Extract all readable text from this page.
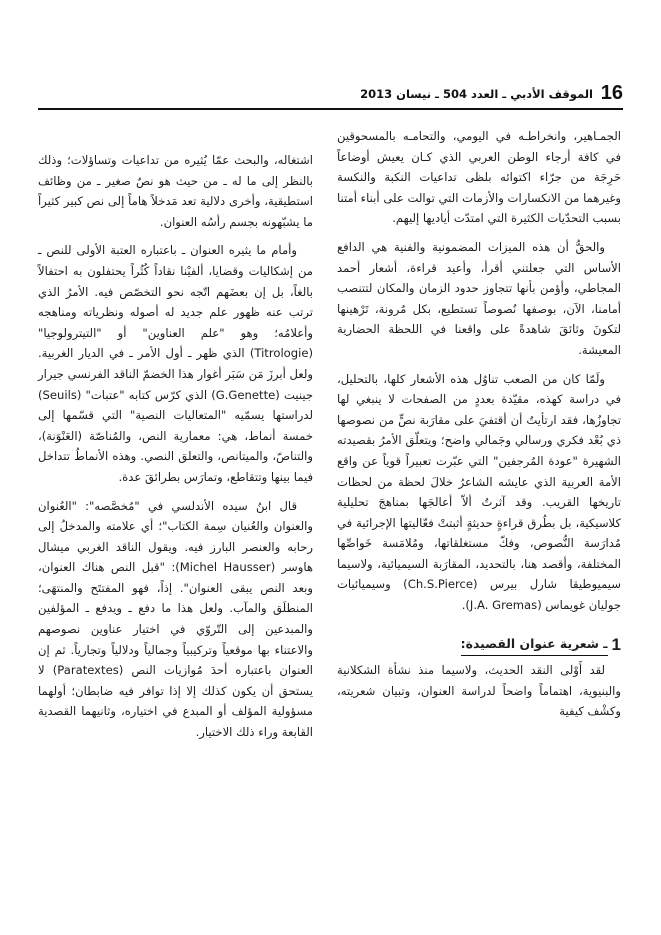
16
الموقف الأدبي ـ العدد 504 ـ نيسان 2013

الجمـاهير، وانخراطـه في اليومي، والتحامـه بالمسحوقين في كافة أرجاء الوطن العربي الذي كـان يعيش أوضاعاً حَرِجَة من جرّاء اكتوائه بلظى تداعيات النكبة والنكسة وغيرهما من الانكسارات والأزمات التي توالت على أبناء أمتنا بسبب التحدّيات الكثيرة التي امتدّت أياديها إليهم.

والحقُّ أن هذه الميزات المضمونية والفنية هي الدافع الأساس التي جعلتني أقرأ، وأعيد قراءة، أشعار أحمد المجاطي، وأؤمن بأنها تتجاوز حدود الزمان والمكان لتتنصب أمامنا، الآن، بوصفها نُصوصاً تستطيع، بكل مُرونة، تَرْهينها لتكونَ وثائقَ شاهدةً على واقعنا في اللحظة الحضارية المعيشة.

ولَمّا كان من الصعب تناوُل هذه الأشعار كلها، بالتحليل، في دراسة كهذه، مقيّدة بعددٍ من الصفحات لا ينبغي لها تجاوزُها، فقد ارتأيتُ أن أقتفيَ على مقارَبة نصٍّ من نصوصها ذي بُعْد فكري ورسالي وجَمالي واضح؛ ويتعلّق الأمرُ بقصيدته الشهيرة "عودة المُرجفين" التي عبّرت تعبيراً قوياً عن واقع الأمة العربية الذي عايشه الشاعرُ خلالَ لحظة من لحظات تاريخها القريب. وقد آثرتُ ألاّ أعالجَها بمناهجَ تحليلية كلاسيكية، بل بطُرق قراءةٍ حديثةٍ أثبتتْ فعّاليتها الإجرائية في مُدارَسة النُّصوص، وفكّ مستغلقاتها، ومُلامَسة خَواصِّها المختلفة، وأقصد هنا، بالتحديد، المقارَبة السيميائية، ولاسيما سيميوطيقا شارل بيرس (Ch.S.Pierce) وسيميائيات جوليان غويماس (J.A. Gremas).

1
ـ شعرية عنوان القصيدة:

لقد أَوْلى النقد الحديث، ولاسيما منذ نشأة الشكلانية والبنيوية، اهتماماً واضحاً لدراسة العنوان، وتبيان شعريته، وكشْف كيفية

اشتغاله، والبحث عمّا يُثيره من تداعيات وتساؤلات؛ وذلك بالنظر إلى ما له ـ من حيث هو نصٌ صغير ـ من وظائف استطيقية، وأخرى دلالية تعد مَدخلاً هاماً إلى نص كبير كثيراً ما يشبّهونه بجسم رأسُه العنوان.

وأمام ما يثيره العنوان ـ باعتباره العتبة الأولى للنص ـ من إشكاليات وقضايا، ألفيْنا نقاداً كُثُراً يحتفلون به احتفالاً بالغاً، بل إن بعضَهم اتّجه نحو التخصّص فيه. الأمرُ الذي ترتب عنه ظهور علم جديد له أصوله ونظرياته ومناهجه وأعلامُه؛ وهو "علم العناوين" أو "التيترولوجيا" (Titrologie) الذي ظهر ـ أول الأمر ـ في الديار الغربية. ولعل أبرزَ مَن سَبَر أغوار هذا الخضمّ الناقد الفرنسي جيرار جينيت (G.Genette) الذي كرّس كتابه "عتبات" (Seuils) لدراستها يسمّيه "المتعاليات النصية" التي قسّمها إلى خمسة أنماط، هي: معمارية النص، والمُناصّة (العَنْوَنة)، والتناصّ، والميتانص، والتعلق النصي. وهذه الأنماطُ تتداخل فيما بينها وتتقاطع، وتمارَس بطرائقَ عدة.

قال ابنُ سيده الأندلسي في "مُخصَّصه": "العُنوان والعنوان والعُنيان سِمة الكتاب"؛ أي علامته والمدخلُ إلى رحابه والعنصر البارز فيه. ويقول الناقد الغربي ميشال هاوسر (Michel Hausser): "قبل النص هناك العنوان، وبعد النص يبقى العنوان". إذاً، فهو المفتتَح والمنتهَى؛ المنطلَق والمآب. ولعل هذا ما دفع ـ ويدفع ـ المؤلفين والمبدعين إلى التّروّي في اختيار عناوين نصوصهم والاعتناء بها موقعياً وتركيبياً وجمالياً ودلالياً وتجارياً. ثم إن العنوان باعتباره أحدَ مُوازيات النص (Paratextes) لا يستحق أن يكون كذلك إلا إذا توافر فيه ضابطان؛ أولهما مسؤولية المؤلف أو المبدع في اختياره، وثانيهما القصدية القابعة وراء ذلك الاختيار.
